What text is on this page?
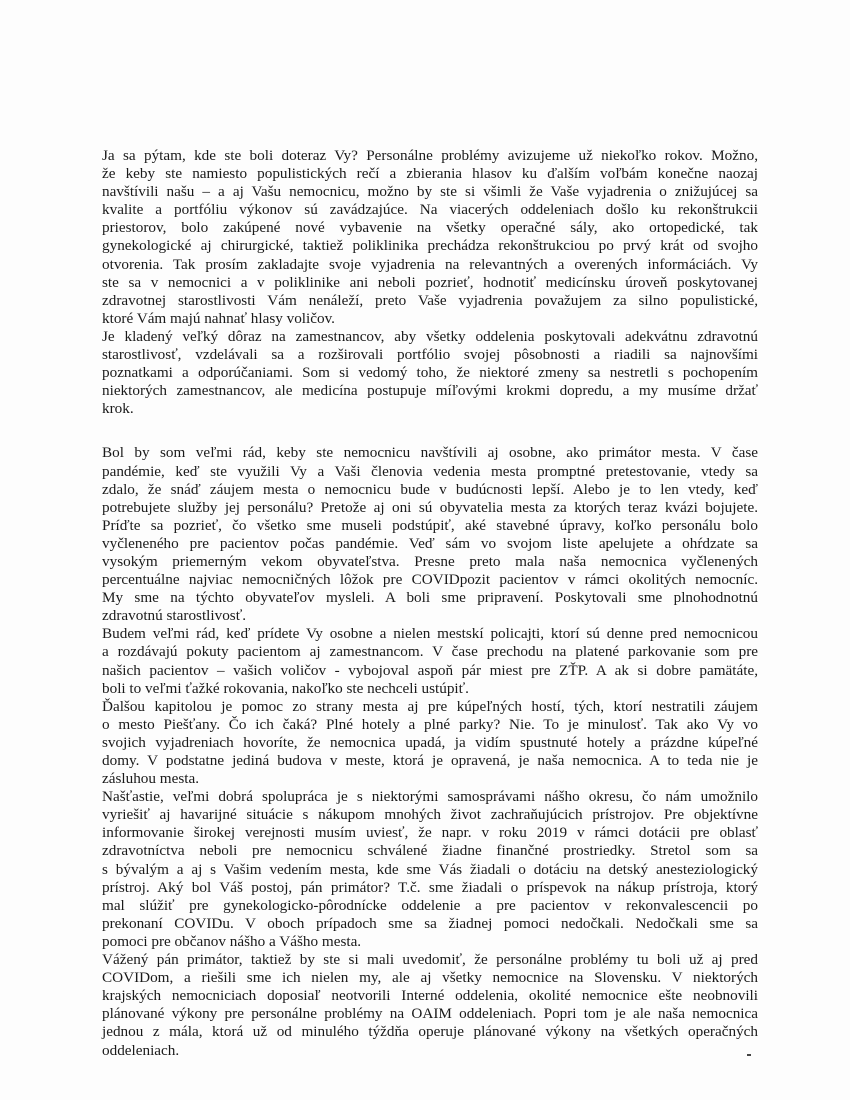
Ja sa pýtam, kde ste boli doteraz Vy? Personálne problémy avizujeme už niekoľko rokov. Možno,
že keby ste namiesto populistických rečí a zbierania hlasov ku ďalším voľbám konečne naozaj
navštívili našu – a aj Vašu nemocnicu, možno by ste si všimli že Vaše vyjadrenia o znižujúcej sa
kvalite a portfóliu výkonov sú zavádzajúce. Na viacerých oddeleniach došlo ku rekonštrukcii
priestorov, bolo zakúpené nové vybavenie na všetky operačné sály, ako ortopedické, tak
gynekologické aj chirurgické, taktiež poliklinika prechádza rekonštrukciou po prvý krát od svojho
otvorenia. Tak prosím zakladajte svoje vyjadrenia na relevantných a overených informáciách. Vy
ste sa v nemocnici a v poliklinike ani neboli pozrieť, hodnotiť medicínsku úroveň poskytovanej
zdravotnej starostlivosti Vám nenáleží, preto Vaše vyjadrenia považujem za silno populistické,
ktoré Vám majú nahnať hlasy voličov.
Je kladený veľký dôraz na zamestnancov, aby všetky oddelenia poskytovali adekvátnu zdravotnú
starostlivosť, vzdelávali sa a rozširovali portfólio svojej pôsobnosti a riadili sa najnovšími
poznatkami a odporúčaniami. Som si vedomý toho, že niektoré zmeny sa nestretli s pochopením
niektorých zamestnancov, ale medicína postupuje míľovými krokmi dopredu, a my musíme držať
krok.
Bol by som veľmi rád, keby ste nemocnicu navštívili aj osobne, ako primátor mesta. V čase
pandémie, keď ste využili Vy a Vaši členovia vedenia mesta promptné pretestovanie, vtedy sa
zdalo, že snáď záujem mesta o nemocnicu bude v budúcnosti lepší. Alebo je to len vtedy, keď
potrebujete služby jej personálu? Pretože aj oni sú obyvatelia mesta za ktorých teraz kvázi bojujete.
Príďte sa pozrieť, čo všetko sme museli podstúpiť, aké stavebné úpravy, koľko personálu bolo
vyčleneného pre pacientov počas pandémie. Veď sám vo svojom liste apelujete a ohŕdzate sa
vysokým priemerným vekom obyvateľstva. Presne preto mala naša nemocnica vyčlenených
percentuálne najviac nemocničných lôžok pre COVIDpozit pacientov v rámci okolitých nemocníc.
My sme na týchto obyvateľov mysleli. A boli sme pripravení. Poskytovali sme plnohodnotnú
zdravotnú starostlivosť.
Budem veľmi rád, keď prídete Vy osobne a nielen mestskí policajti, ktorí sú denne pred nemocnicou
a rozdávajú pokuty pacientom aj zamestnancom. V čase prechodu na platené parkovanie som pre
našich pacientov – vašich voličov - vybojoval aspoň pár miest pre ZŤP. A ak si dobre pamätáte,
boli to veľmi ťažké rokovania, nakoľko ste nechceli ustúpiť.
Ďalšou kapitolou je pomoc zo strany mesta aj pre kúpeľných hostí, tých, ktorí nestratili záujem
o mesto Piešťany. Čo ich čaká? Plné hotely a plné parky? Nie. To je minulosť. Tak ako Vy vo
svojich vyjadreniach hovoríte, že nemocnica upadá, ja vidím spustnuté hotely a prázdne kúpeľné
domy. V podstatne jediná budova v meste, ktorá je opravená, je naša nemocnica. A to teda nie je
zásluhou mesta.
Našťastie, veľmi dobrá spolupráca je s niektorými samosprávami nášho okresu, čo nám umožnilo
vyriešiť aj havarijné situácie s nákupom mnohých život zachraňujúcich prístrojov. Pre objektívne
informovanie širokej verejnosti musím uviesť, že napr. v roku 2019 v rámci dotácii pre oblasť
zdravotníctva neboli pre nemocnicu schválené žiadne finančné prostriedky. Stretol som sa
s bývalým a aj s Vašim vedením mesta, kde sme Vás žiadali o dotáciu na detský anesteziologický
prístroj. Aký bol Váš postoj, pán primátor? T.č. sme žiadali o príspevok na nákup prístroja, ktorý
mal slúžiť pre gynekologicko-pôrodnícke oddelenie a pre pacientov v rekonvalescencii po
prekonaní COVIDu. V oboch prípadoch sme sa žiadnej pomoci nedočkali. Nedočkali sme sa
pomoci pre občanov nášho a Vášho mesta.
Vážený pán primátor, taktiež by ste si mali uvedomiť, že personálne problémy tu boli už aj pred
COVIDom, a riešili sme ich nielen my, ale aj všetky nemocnice na Slovensku. V niektorých
krajských nemocniciach doposiaľ neotvorili Interné oddelenia, okolité nemocnice ešte neobnovili
plánované výkony pre personálne problémy na OAIM oddeleniach. Popri tom je ale naša nemocnica
jednou z mála, ktorá už od minulého týždňa operuje plánované výkony na všetkých operačných
oddeleniach.
